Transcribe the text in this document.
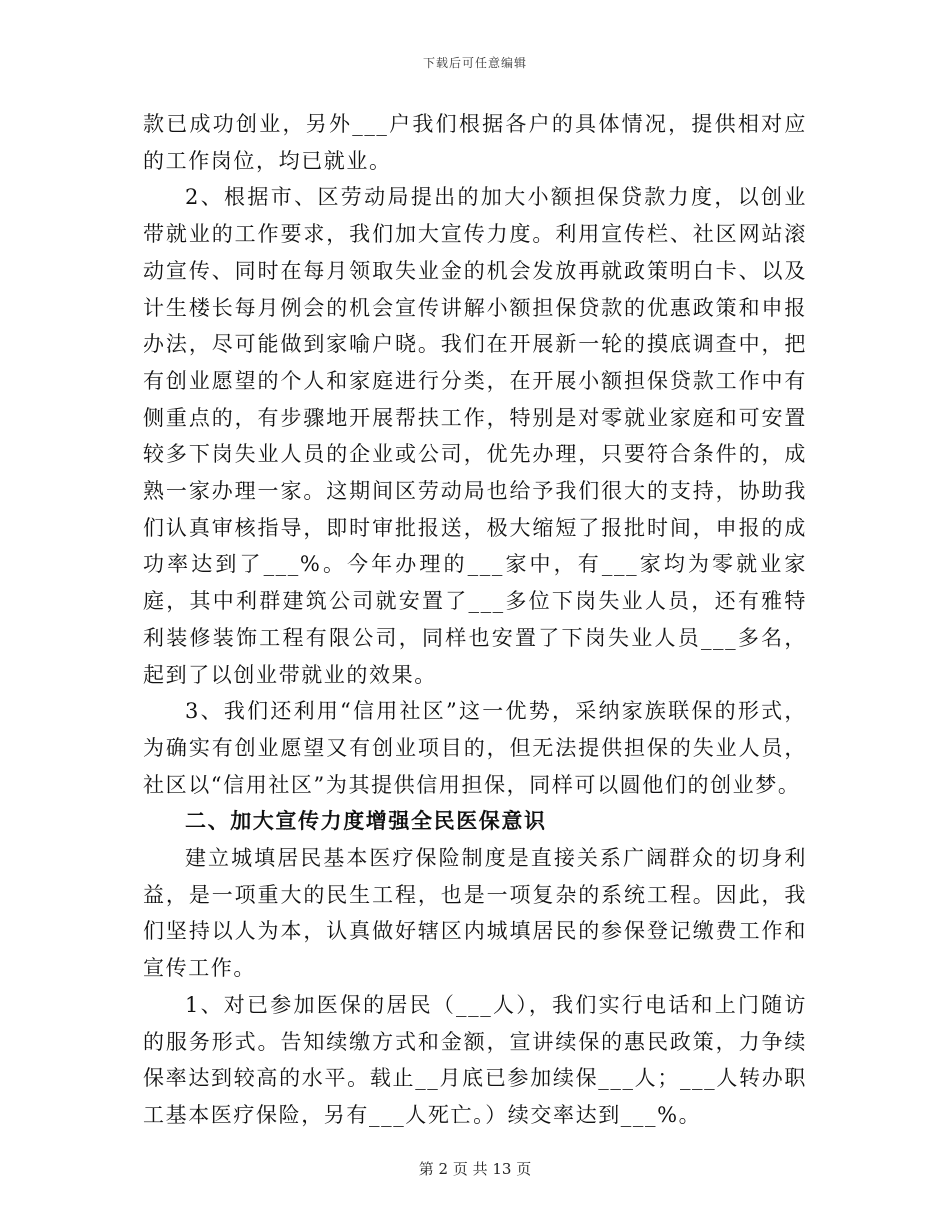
下载后可任意编辑

款已成功创业，另外___户我们根据各户的具体情况，提供相对应的工作岗位，均已就业。

2、根据市、区劳动局提出的加大小额担保贷款力度，以创业带就业的工作要求，我们加大宣传力度。利用宣传栏、社区网站滚动宣传、同时在每月领取失业金的机会发放再就政策明白卡、以及计生楼长每月例会的机会宣传讲解小额担保贷款的优惠政策和申报办法，尽可能做到家喻户晓。我们在开展新一轮的摸底调查中，把有创业愿望的个人和家庭进行分类，在开展小额担保贷款工作中有侧重点的，有步骤地开展帮扶工作，特别是对零就业家庭和可安置较多下岗失业人员的企业或公司，优先办理，只要符合条件的，成熟一家办理一家。这期间区劳动局也给予我们很大的支持，协助我们认真审核指导，即时审批报送，极大缩短了报批时间，申报的成功率达到了___%。今年办理的___家中，有___家均为零就业家庭，其中利群建筑公司就安置了___多位下岗失业人员，还有雅特利装修装饰工程有限公司，同样也安置了下岗失业人员___多名，起到了以创业带就业的效果。

3、我们还利用“信用社区”这一优势，采纳家族联保的形式，为确实有创业愿望又有创业项目的，但无法提供担保的失业人员，社区以“信用社区”为其提供信用担保，同样可以圆他们的创业梦。

二、加大宣传力度增强全民医保意识

建立城填居民基本医疗保险制度是直接关系广阔群众的切身利益，是一项重大的民生工程，也是一项复杂的系统工程。因此，我们坚持以人为本，认真做好辖区内城填居民的参保登记缴费工作和宣传工作。

1、对已参加医保的居民（___人），我们实行电话和上门随访的服务形式。告知续缴方式和金额，宣讲续保的惠民政策，力争续保率达到较高的水平。载止__月底已参加续保___人；___人转办职工基本医疗保险，另有___人死亡。）续交率达到___%。

第 2 页 共 13 页
